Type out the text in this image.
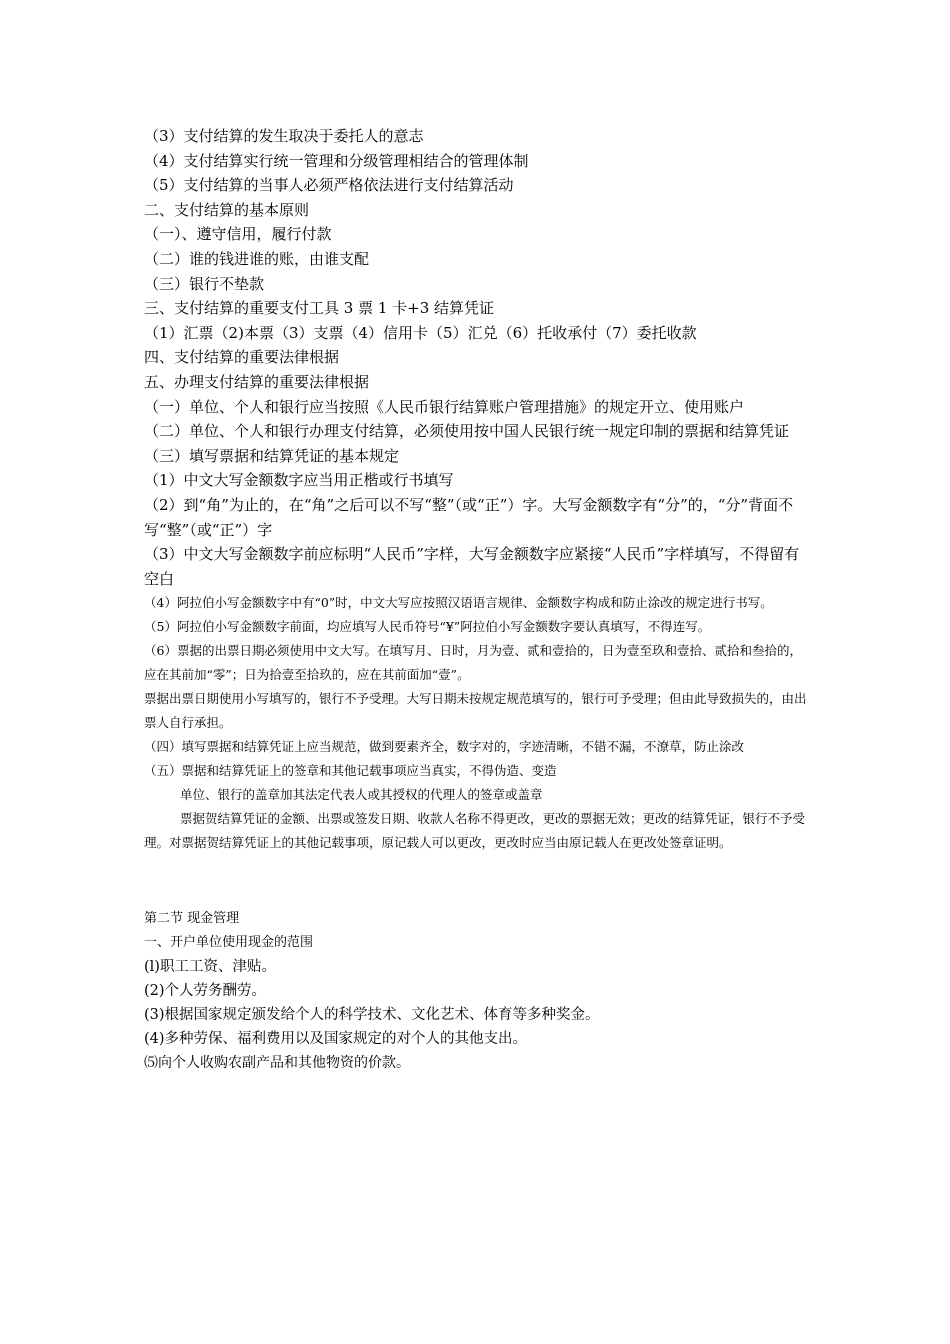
（3）支付结算的发生取决于委托人的意志

（4）支付结算实行统一管理和分级管理相结合的管理体制

（5）支付结算的当事人必须严格依法进行支付结算活动

二、支付结算的基本原则

（一）、遵守信用，履行付款

（二）谁的钱进谁的账，由谁支配

（三）银行不垫款

三、支付结算的重要支付工具 3 票 1 卡+3 结算凭证

（1）汇票（2)本票（3）支票（4）信用卡（5）汇兑（6）托收承付（7）委托收款

四、支付结算的重要法律根据

五、办理支付结算的重要法律根据

（一）单位、个人和银行应当按照《人民币银行结算账户管理措施》的规定开立、使用账户

（二）单位、个人和银行办理支付结算，必须使用按中国人民银行统一规定印制的票据和结算凭证

（三）填写票据和结算凭证的基本规定

（1）中文大写金额数字应当用正楷或行书填写

（2）到“角”为止的，在“角”之后可以不写“整”（或“正”）字。大写金额数字有“分”的，“分”背面不写“整”（或“正”）字

（3）中文大写金额数字前应标明“人民币”字样，大写金额数字应紧接“人民币”字样填写，不得留有空白

（4）阿拉伯小写金额数字中有“0”时，中文大写应按照汉语语言规律、金额数字构成和防止涂改的规定进行书写。

（5）阿拉伯小写金额数字前面，均应填写人民币符号“¥”阿拉伯小写金额数字要认真填写，不得连写。

（6）票据的出票日期必须使用中文大写。在填写月、日时，月为壹、贰和壹拾的，日为壹至玖和壹拾、贰拾和叁拾的，应在其前加“零”；日为拾壹至拾玖的，应在其前面加“壹”。

票据出票日期使用小写填写的，银行不予受理。大写日期未按规定规范填写的，银行可予受理；但由此导致损失的，由出票人自行承担。

（四）填写票据和结算凭证上应当规范，做到要素齐全，数字对的，字迹清晰，不错不漏，不潦草，防止涂改

（五）票据和结算凭证上的签章和其他记载事项应当真实，不得伪造、变造

单位、银行的盖章加其法定代表人或其授权的代理人的签章或盖章

票据贺结算凭证的金额、出票或签发日期、收款人名称不得更改，更改的票据无效；更改的结算凭证，银行不予受理。对票据贺结算凭证上的其他记载事项，原记载人可以更改，更改时应当由原记载人在更改处签章证明。

第二节 现金管理

一、开户单位使用现金的范围

(l)职工工资、津贴。

(2)个人劳务酬劳。

(3)根据国家规定颁发给个人的科学技术、文化艺术、体育等多种奖金。

(4)多种劳保、福利费用以及国家规定的对个人的其他支出。

⑸向个人收购农副产品和其他物资的价款。
